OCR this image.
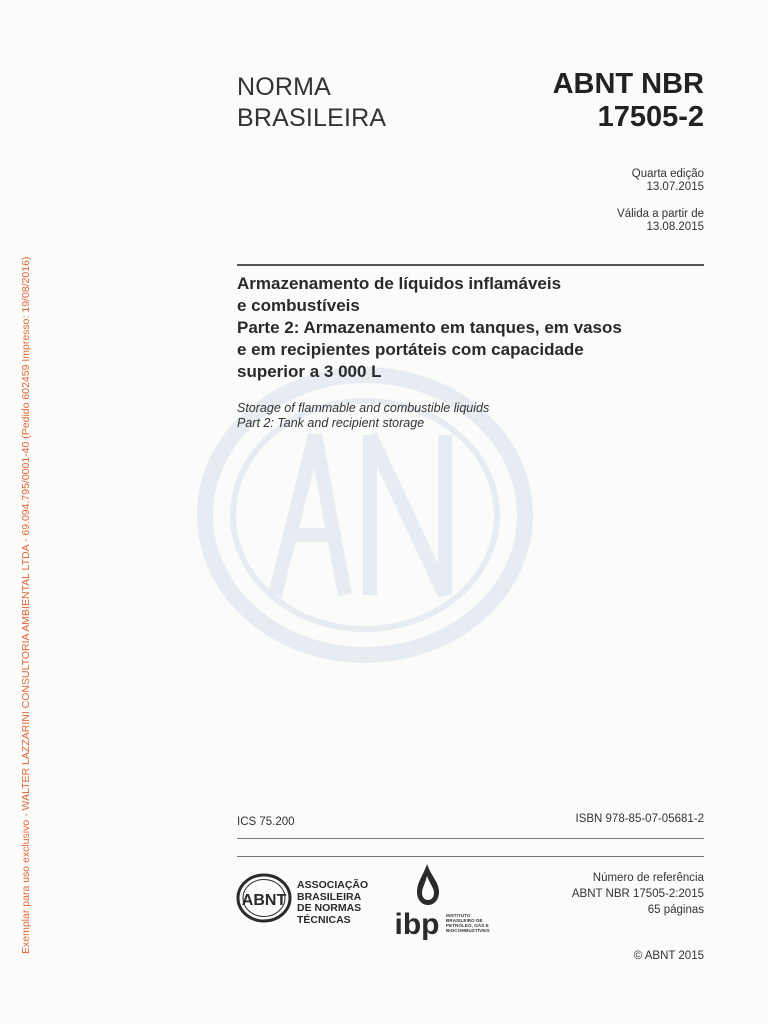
Exemplar para uso exclusivo - WALTER LAZZARINI CONSULTORIA AMBIENTAL LTDA - 69.094.795/0001-40 (Pedido 602459 Impresso: 19/08/2016)
NORMA
BRASILEIRA
ABNT NBR
17505-2
Quarta edição
13.07.2015
Válida a partir de
13.08.2015
Armazenamento de líquidos inflamáveis
e combustíveis
Parte 2: Armazenamento em tanques, em vasos
e em recipientes portáteis com capacidade
superior a 3 000 L
Storage of flammable and combustible liquids
Part 2: Tank and recipient storage
ICS 75.200	ISBN 978-85-07-05681-2
ABNT
ASSOCIAÇÃO
BRASILEIRA
DE NORMAS
TÉCNICAS	ibp INSTITUTO
BRASILEIRO DE
PETRÓLEO, GÁS E
BIOCOMBUSTÍVEIS
Número de referência
ABNT NBR 17505-2:2015
65 páginas
© ABNT 2015
